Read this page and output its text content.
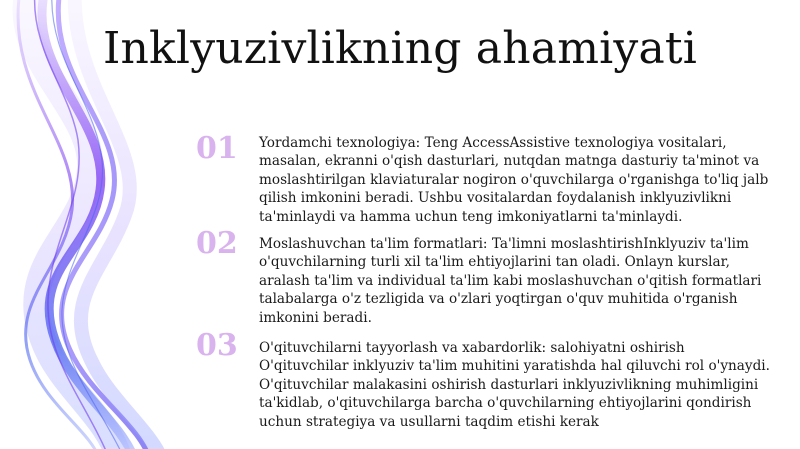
Inklyuzivlikning ahamiyati
01	Yordamchi texnologiya: Teng AccessAssistive texnologiya vositalari, masalan, ekranni o'qish dasturlari, nutqdan matnga dasturiy ta'minot va moslashtirilgan klaviaturalar nogiron o'quvchilarga o'rganishga to'liq jalb qilish imkonini beradi. Ushbu vositalardan foydalanish inklyuzivlikni ta'minlaydi va hamma uchun teng imkoniyatlarni ta'minlaydi.
02	Moslashuvchan ta'lim formatlari: Ta'limni moslashtirishInklyuziv ta'lim o'quvchilarning turli xil ta'lim ehtiyojlarini tan oladi. Onlayn kurslar, aralash ta'lim va individual ta'lim kabi moslashuvchan o'qitish formatlari talabalarga o'z tezligida va o'zlari yoqtirgan o'quv muhitida o'rganish imkonini beradi.
03	O'qituvchilarni tayyorlash va xabardorlik: salohiyatni oshirish O'qituvchilar inklyuziv ta'lim muhitini yaratishda hal qiluvchi rol o'ynaydi. O'qituvchilar malakasini oshirish dasturlari inklyuzivlikning muhimligini ta'kidlab, o'qituvchilarga barcha o'quvchilarning ehtiyojlarini qondirish uchun strategiya va usullarni taqdim etishi kerak
